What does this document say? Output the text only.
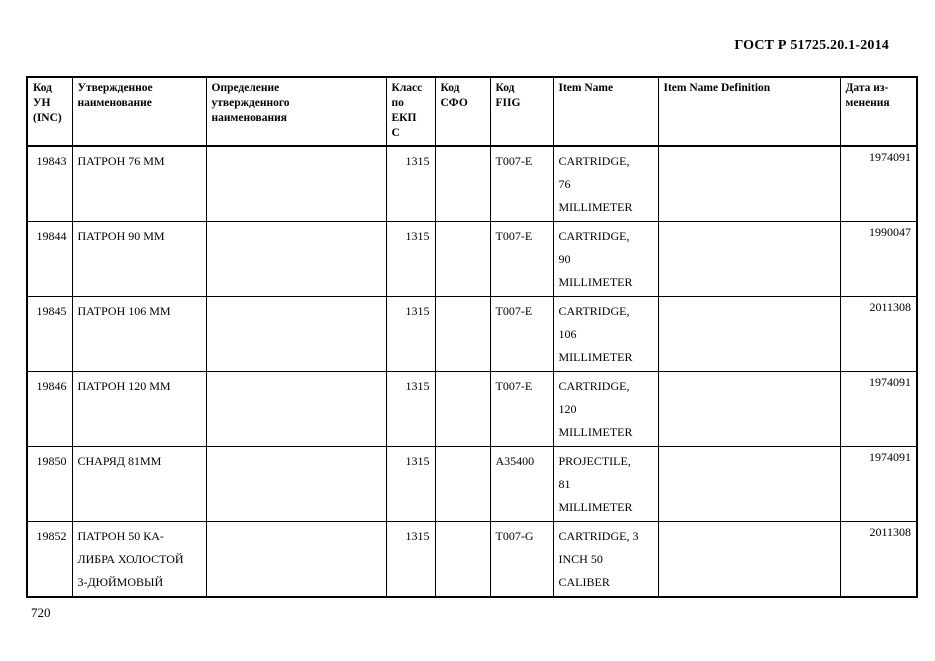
ГОСТ Р 51725.20.1-2014
Код
УН
(INC)	Утвержденное
наименование	Определение
утвержденного
наименования	Класс
по
ЕКП
С	Код
СФО	Код
FIIG	Item Name	Item Name Definition	Дата из-
менения
19843	ПАТРОН 76 ММ		1315		T007-E	CARTRIDGE,
76
MILLIMETER		1974091
19844	ПАТРОН 90 ММ		1315		T007-E	CARTRIDGE,
90
MILLIMETER		1990047
19845	ПАТРОН 106 ММ		1315		T007-E	CARTRIDGE,
106
MILLIMETER		2011308
19846	ПАТРОН 120 ММ		1315		T007-E	CARTRIDGE,
120
MILLIMETER		1974091
19850	СНАРЯД 81ММ		1315		A35400	PROJECTILE,
81
MILLIMETER		1974091
19852	ПАТРОН 50 КА-
ЛИБРА ХОЛОСТОЙ
3-ДЮЙМОВЫЙ		1315		T007-G	CARTRIDGE, 3
INCH 50
CALIBER		2011308
720
